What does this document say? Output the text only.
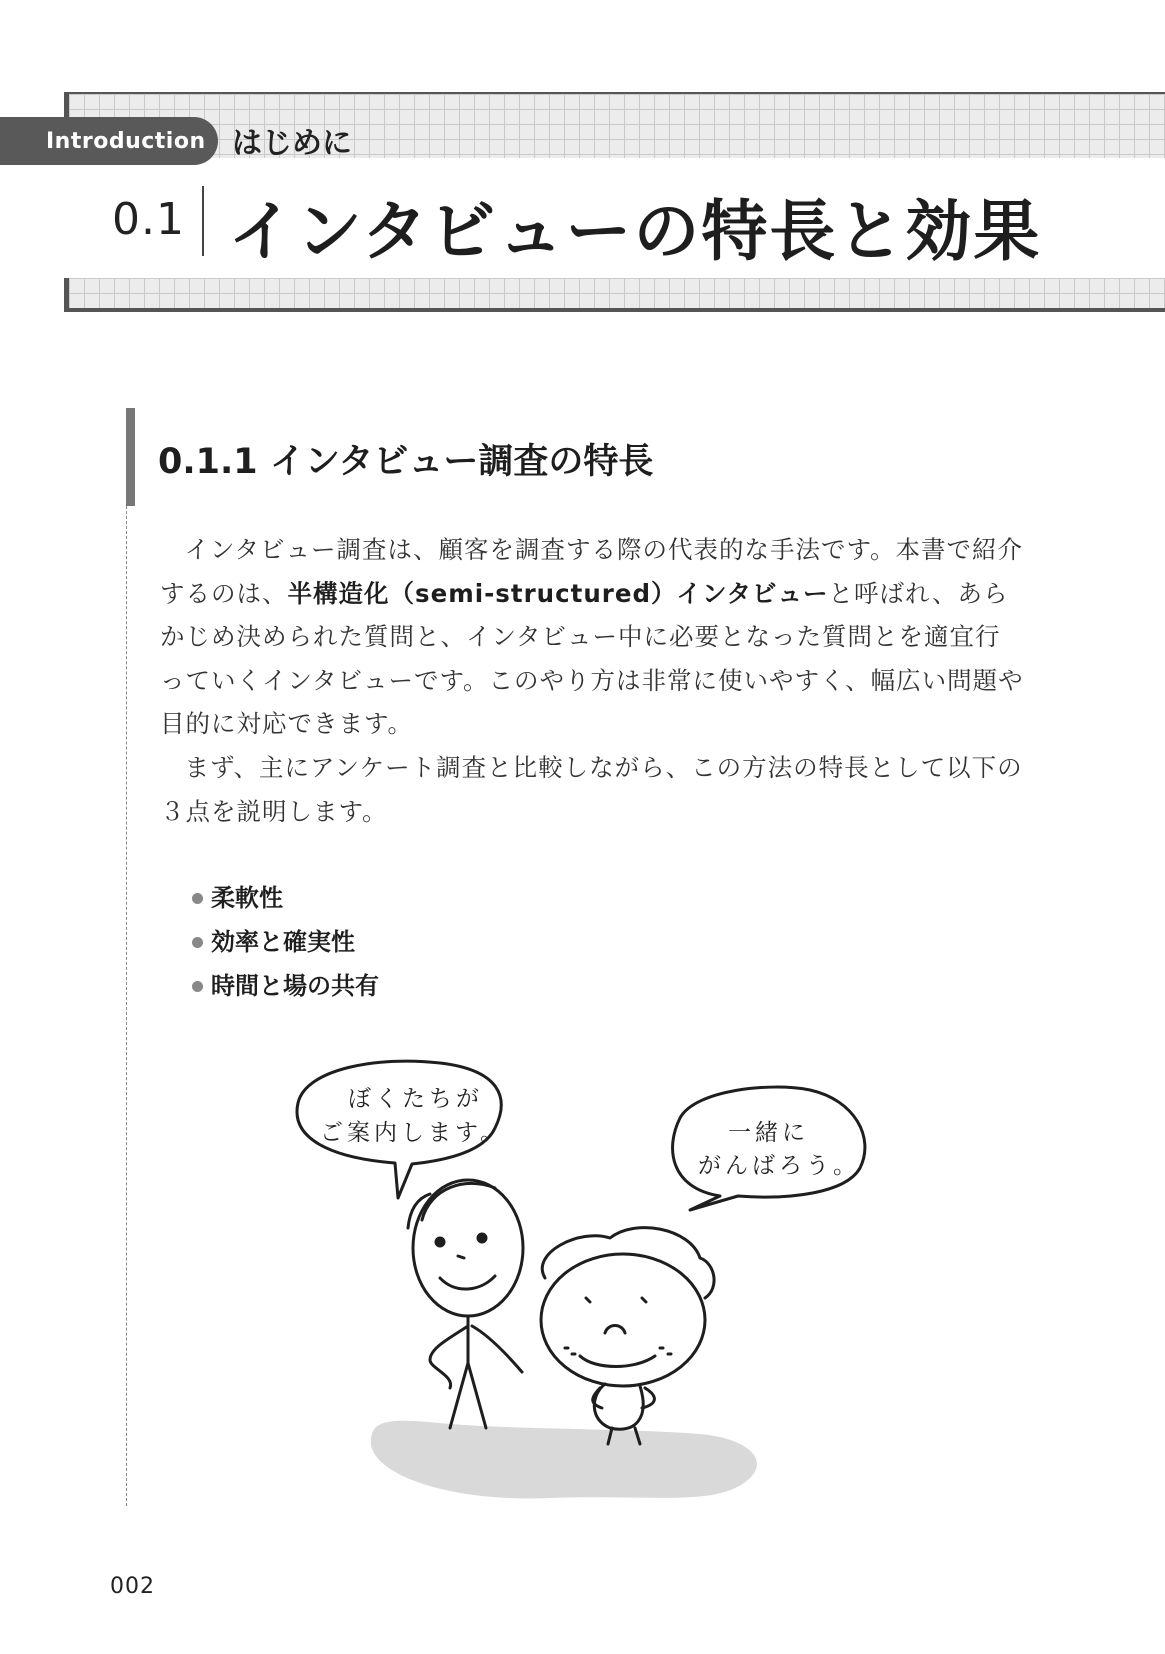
Introduction はじめに
0.1 インタビューの特長と効果
0.1.1 インタビュー調査の特長

インタビュー調査は、顧客を調査する際の代表的な手法です。本書で紹介するのは、半構造化（semi-structured）インタビューと呼ばれ、あらかじめ決められた質問と、インタビュー中に必要となった質問とを適宜行っていくインタビューです。このやり方は非常に使いやすく、幅広い問題や目的に対応できます。

まず、主にアンケート調査と比較しながら、この方法の特長として以下の３点を説明します。

柔軟性
効率と確実性
時間と場の共有
ぼくたちが
ご案内します。	一緒に
がんばろう。
002
